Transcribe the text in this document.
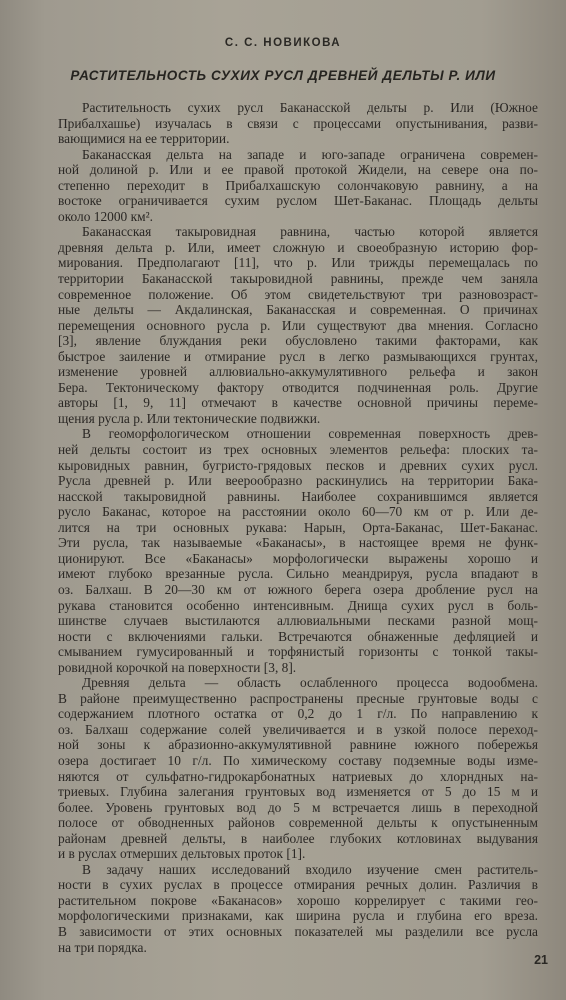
С. С. НОВИКОВА
РАСТИТЕЛЬНОСТЬ СУХИХ РУСЛ ДРЕВНЕЙ ДЕЛЬТЫ Р. ИЛИ
Растительность сухих русл Баканасской дельты р. Или (Южное
Прибалхашье) изучалась в связи с процессами опустынивания, разви-
вающимися на ее территории.
Баканасская дельта на западе и юго-западе ограничена современ-
ной долиной р. Или и ее правой протокой Жидели, на севере она по-
степенно переходит в Прибалхашскую солончаковую равнину, а на
востоке ограничивается сухим руслом Шет-Баканас. Площадь дельты
около 12000 км².
Баканасская такыровидная равнина, частью которой является
древняя дельта р. Или, имеет сложную и своеобразную историю фор-
мирования. Предполагают [11], что р. Или трижды перемещалась по
территории Баканасской такыровидной равнины, прежде чем заняла
современное положение. Об этом свидетельствуют три разновозраст-
ные дельты — Акдалинская, Баканасская и современная. О причинах
перемещения основного русла р. Или существуют два мнения. Согласно
[3], явление блуждания реки обусловлено такими факторами, как
быстрое заиление и отмирание русл в легко размывающихся грунтах,
изменение уровней аллювиально-аккумулятивного рельефа и закон
Бера. Тектоническому фактору отводится подчиненная роль. Другие
авторы [1, 9, 11] отмечают в качестве основной причины переме-
щения русла р. Или тектонические подвижки.
В геоморфологическом отношении современная поверхность древ-
ней дельты состоит из трех основных элементов рельефа: плоских та-
кыровидных равнин, бугристо-грядовых песков и древних сухих русл.
Русла древней р. Или веерообразно раскинулись на территории Бака-
насской такыровидной равнины. Наиболее сохранившимся является
русло Баканас, которое на расстоянии около 60—70 км от р. Или де-
лится на три основных рукава: Нарын, Орта-Баканас, Шет-Баканас.
Эти русла, так называемые «Баканасы», в настоящее время не функ-
ционируют. Все «Баканасы» морфологически выражены хорошо и
имеют глубоко врезанные русла. Сильно меандрируя, русла впадают в
оз. Балхаш. В 20—30 км от южного берега озера дробление русл на
рукава становится особенно интенсивным. Днища сухих русл в боль-
шинстве случаев выстилаются аллювиальными песками разной мощ-
ности с включениями гальки. Встречаются обнаженные дефляцией и
смыванием гумусированный и торфянистый горизонты с тонкой такы-
ровидной корочкой на поверхности [3, 8].
Древняя дельта — область ослабленного процесса водообмена.
В районе преимущественно распространены пресные грунтовые воды с
содержанием плотного остатка от 0,2 до 1 г/л. По направлению к
оз. Балхаш содержание солей увеличивается и в узкой полосе переход-
ной зоны к абразионно-аккумулятивной равнине южного побережья
озера достигает 10 г/л. По химическому составу подземные воды изме-
няются от сульфатно-гидрокарбонатных натриевых до хлорндных на-
триевых. Глубина залегания грунтовых вод изменяется от 5 до 15 м и
более. Уровень грунтовых вод до 5 м встречается лишь в переходной
полосе от обводненных районов современной дельты к опустыненным
районам древней дельты, в наиболее глубоких котловинах выдувания
и в руслах отмерших дельтовых проток [1].
В задачу наших исследований входило изучение смен раститель-
ности в сухих руслах в процессе отмирания речных долин. Различия в
растительном покрове «Баканасов» хорошо коррелирует с такими гео-
морфологическими признаками, как ширина русла и глубина его вреза.
В зависимости от этих основных показателей мы разделили все русла
на три порядка.
21
